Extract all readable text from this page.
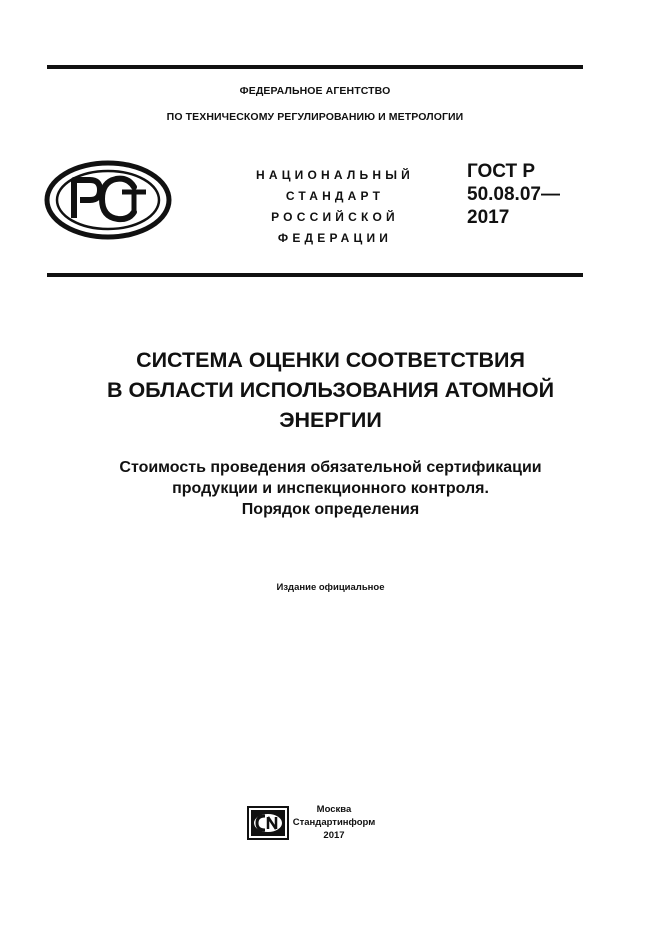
ФЕДЕРАЛЬНОЕ АГЕНТСТВО
ПО ТЕХНИЧЕСКОМУ РЕГУЛИРОВАНИЮ И МЕТРОЛОГИИ
НАЦИОНАЛЬНЫЙ
СТАНДАРТ
РОССИЙСКОЙ
ФЕДЕРАЦИИ
ГОСТ Р
50.08.07—
2017
СИСТЕМА ОЦЕНКИ СООТВЕТСТВИЯ
В ОБЛАСТИ ИСПОЛЬЗОВАНИЯ АТОМНОЙ
ЭНЕРГИИ
Стоимость проведения обязательной сертификации
продукции и инспекционного контроля.
Порядок определения
Издание официальное
Москва
Стандартинформ
2017
